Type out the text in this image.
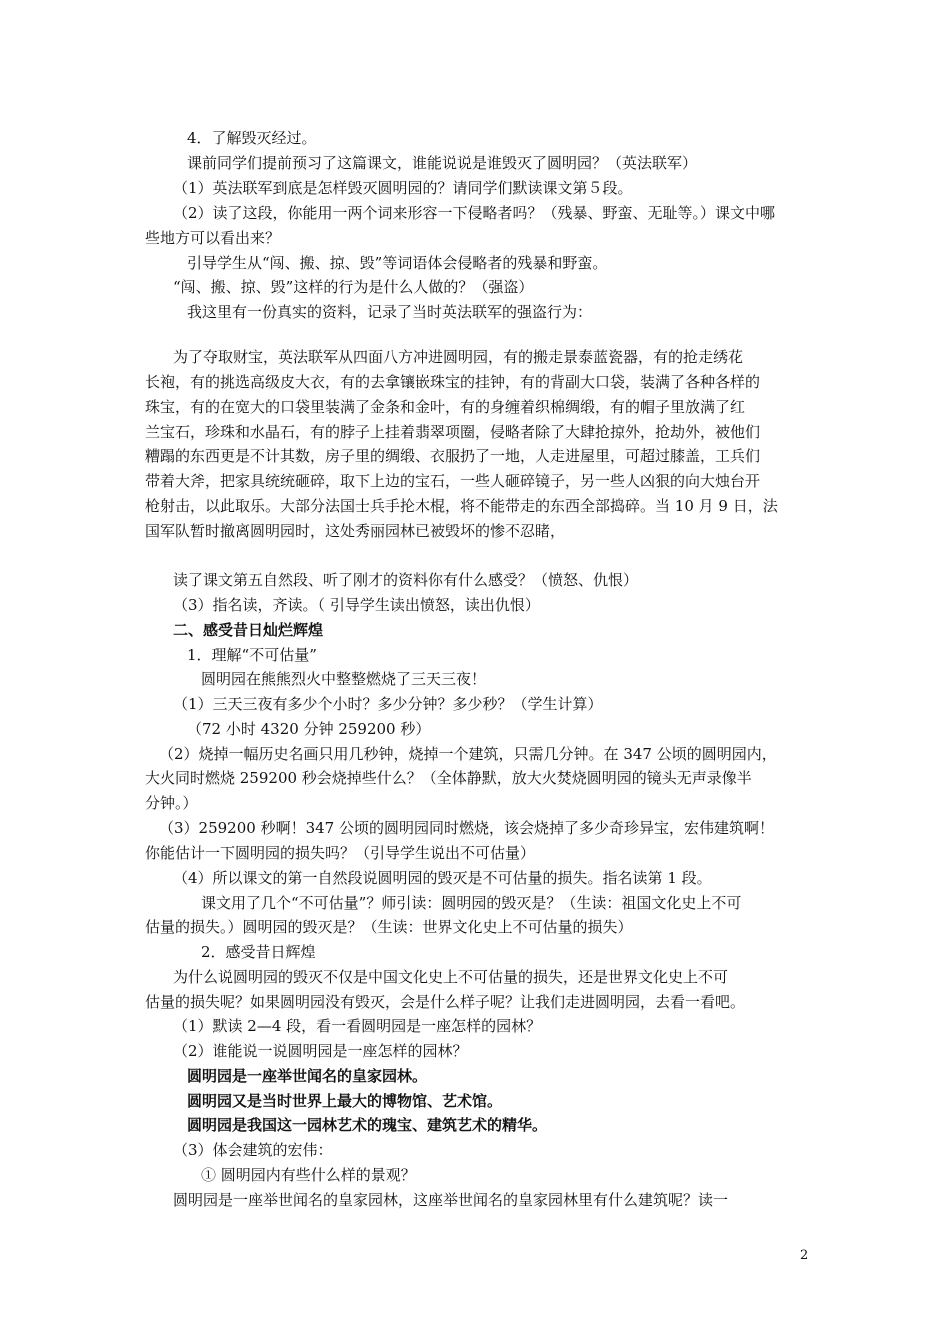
4．了解毁灭经过。
课前同学们提前预习了这篇课文，谁能说说是谁毁灭了圆明园？（英法联军）
（1）英法联军到底是怎样毁灭圆明园的？请同学们默读课文第５段。
（2）读了这段，你能用一两个词来形容一下侵略者吗？（残暴、野蛮、无耻等。）课文中哪
些地方可以看出来？
引导学生从“闯、搬、掠、毁”等词语体会侵略者的残暴和野蛮。
“闯、搬、掠、毁”这样的行为是什么人做的？（强盗）
我这里有一份真实的资料，记录了当时英法联军的强盗行为：
为了夺取财宝，英法联军从四面八方冲进圆明园，有的搬走景泰蓝瓷器，有的抢走绣花
长袍，有的挑选高级皮大衣，有的去拿镶嵌珠宝的挂钟，有的背副大口袋，装满了各种各样的
珠宝，有的在宽大的口袋里装满了金条和金叶，有的身缠着织棉绸缎，有的帽子里放满了红
兰宝石，珍珠和水晶石，有的脖子上挂着翡翠项圈，侵略者除了大肆抢掠外，抢劫外，被他们
糟蹋的东西更是不计其数，房子里的绸缎、衣服扔了一地，人走进屋里，可超过膝盖，工兵们
带着大斧，把家具统统砸碎，取下上边的宝石，一些人砸碎镜子，另一些人凶狠的向大烛台开
枪射击，以此取乐。大部分法国士兵手抡木棍，将不能带走的东西全部捣碎。当 10 月 9 日，法
国军队暂时撤离圆明园时，这处秀丽园林已被毁坏的惨不忍睹，
读了课文第五自然段、听了刚才的资料你有什么感受？（愤怒、仇恨）
（3）指名读，齐读。（ 引导学生读出愤怒，读出仇恨）
二、感受昔日灿烂辉煌
1．理解“不可估量”
圆明园在熊熊烈火中整整燃烧了三天三夜！
（1）三天三夜有多少个小时？多少分钟？多少秒？（学生计算）
（72 小时 4320 分钟 259200 秒）
（2）烧掉一幅历史名画只用几秒钟，烧掉一个建筑，只需几分钟。在 347 公顷的圆明园内，
大火同时燃烧 259200 秒会烧掉些什么？（全体静默，放大火焚烧圆明园的镜头无声录像半
分钟。）
（3）259200 秒啊！347 公顷的圆明园同时燃烧，该会烧掉了多少奇珍异宝，宏伟建筑啊！
你能估计一下圆明园的损失吗？（引导学生说出不可估量）
（4）所以课文的第一自然段说圆明园的毁灭是不可估量的损失。指名读第 1 段。
课文用了几个“不可估量”？师引读：圆明园的毁灭是？（生读：祖国文化史上不可
估量的损失。）圆明园的毁灭是？（生读：世界文化史上不可估量的损失）
2．感受昔日辉煌
为什么说圆明园的毁灭不仅是中国文化史上不可估量的损失，还是世界文化史上不可
估量的损失呢？如果圆明园没有毁灭，会是什么样子呢？让我们走进圆明园，去看一看吧。
（1）默读 2—4 段，看一看圆明园是一座怎样的园林？
（2）谁能说一说圆明园是一座怎样的园林？
圆明园是一座举世闻名的皇家园林。
圆明园又是当时世界上最大的博物馆、艺术馆。
圆明园是我国这一园林艺术的瑰宝、建筑艺术的精华。
（3）体会建筑的宏伟：
① 圆明园内有些什么样的景观？
圆明园是一座举世闻名的皇家园林，这座举世闻名的皇家园林里有什么建筑呢？读一
2
